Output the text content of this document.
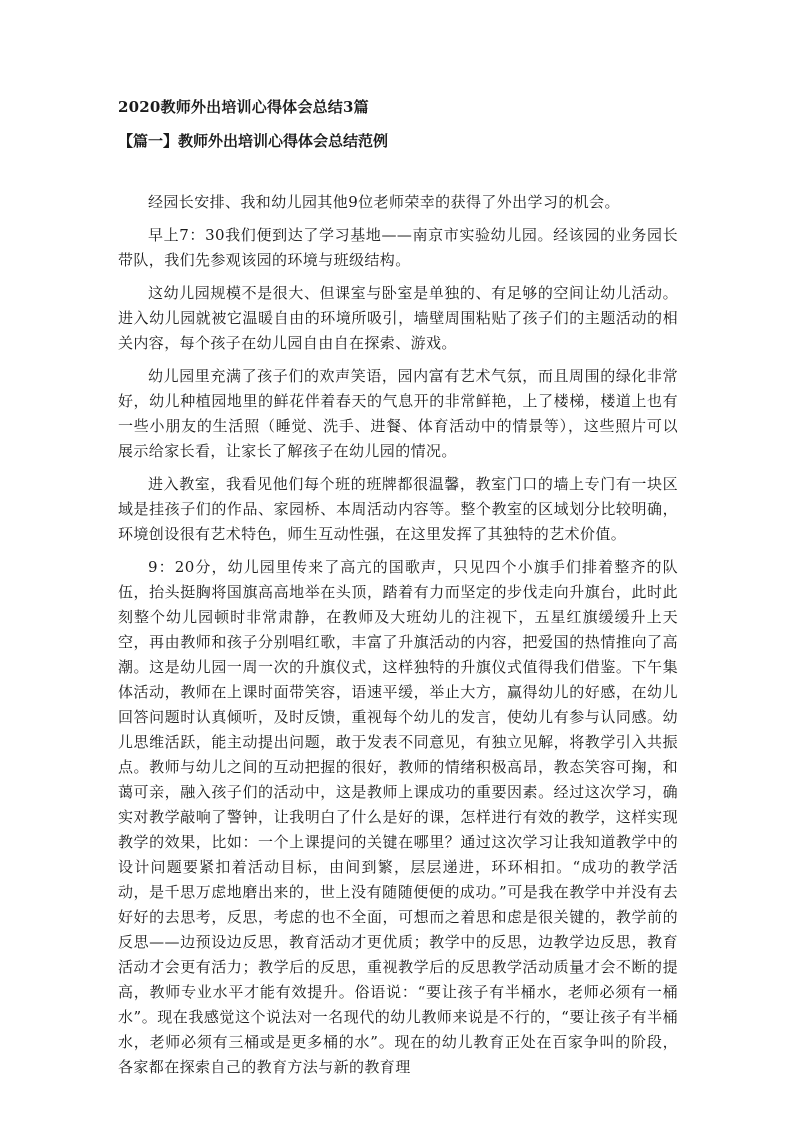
2020教师外出培训心得体会总结3篇
【篇一】教师外出培训心得体会总结范例

经园长安排、我和幼儿园其他9位老师荣幸的获得了外出学习的机会。

早上7：30我们便到达了学习基地——南京市实验幼儿园。经该园的业务园长带队，我们先参观该园的环境与班级结构。

这幼儿园规模不是很大、但课室与卧室是单独的、有足够的空间让幼儿活动。进入幼儿园就被它温暖自由的环境所吸引，墙壁周围粘贴了孩子们的主题活动的相关内容，每个孩子在幼儿园自由自在探索、游戏。

幼儿园里充满了孩子们的欢声笑语，园内富有艺术气氛，而且周围的绿化非常好，幼儿种植园地里的鲜花伴着春天的气息开的非常鲜艳，上了楼梯，楼道上也有一些小朋友的生活照（睡觉、洗手、进餐、体育活动中的情景等），这些照片可以展示给家长看，让家长了解孩子在幼儿园的情况。

进入教室，我看见他们每个班的班牌都很温馨，教室门口的墙上专门有一块区域是挂孩子们的作品、家园桥、本周活动内容等。整个教室的区域划分比较明确，环境创设很有艺术特色，师生互动性强，在这里发挥了其独特的艺术价值。

9：20分，幼儿园里传来了高亢的国歌声，只见四个小旗手们排着整齐的队伍，抬头挺胸将国旗高高地举在头顶，踏着有力而坚定的步伐走向升旗台，此时此刻整个幼儿园顿时非常肃静，在教师及大班幼儿的注视下，五星红旗缓缓升上天空，再由教师和孩子分别唱红歌，丰富了升旗活动的内容，把爱国的热情推向了高潮。这是幼儿园一周一次的升旗仪式，这样独特的升旗仪式值得我们借鉴。下午集体活动，教师在上课时面带笑容，语速平缓，举止大方，赢得幼儿的好感，在幼儿回答问题时认真倾听，及时反馈，重视每个幼儿的发言，使幼儿有参与认同感。幼儿思维活跃，能主动提出问题，敢于发表不同意见，有独立见解，将教学引入共振点。教师与幼儿之间的互动把握的很好，教师的情绪积极高昂，教态笑容可掬，和蔼可亲，融入孩子们的活动中，这是教师上课成功的重要因素。经过这次学习，确实对教学敲响了警钟，让我明白了什么是好的课，怎样进行有效的教学，这样实现教学的效果，比如：一个上课提问的关键在哪里？通过这次学习让我知道教学中的设计问题要紧扣着活动目标，由间到繁，层层递进，环环相扣。“成功的教学活动，是千思万虑地磨出来的，世上没有随随便便的成功。”可是我在教学中并没有去好好的去思考，反思，考虑的也不全面，可想而之着思和虑是很关键的，教学前的反思——边预设边反思，教育活动才更优质；教学中的反思，边教学边反思，教育活动才会更有活力；教学后的反思，重视教学后的反思教学活动质量才会不断的提高，教师专业水平才能有效提升。俗语说：“要让孩子有半桶水，老师必须有一桶水”。现在我感觉这个说法对一名现代的幼儿教师来说是不行的，“要让孩子有半桶水，老师必须有三桶或是更多桶的水”。现在的幼儿教育正处在百家争叫的阶段，各家都在探索自己的教育方法与新的教育理
